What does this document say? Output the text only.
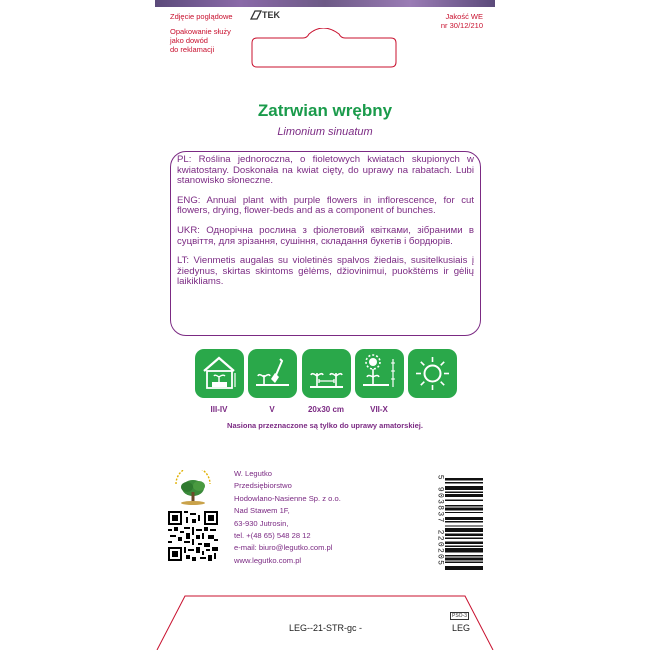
Zdjęcie poglądowe	TEK	Jakość WE
nr 30/12/210
Opakowanie służy
jako dowód
do reklamacji
Zatrwian wrębny
Limonium sinuatum

PL: Roślina jednoroczna, o fioletowych kwiatach skupionych w kwiatostany. Doskonała na kwiat cięty, do uprawy na rabatach. Lubi stanowisko słoneczne.

ENG: Annual plant with purple flowers in inflorescence, for cut flowers, drying, flower-beds and as a component of bunches.

UKR: Однорічна рослина з фіолетовий квітками, зібраними в суцвіття, для зрізання, сушіння, складання букетів і бордюрів.

LT: Vienmetis augalas su violetinės spalvos žiedais, susitelkusiais į žiedynus, skirtas skintoms gėlėms, džiovinimui, puokštėms ir gėlių laikikliams.

III-IV	V	20x30 cm	VII-X
Nasiona przeznaczone są tylko do uprawy amatorskiej.
W. Legutko
Przedsiębiorstwo
Hodowlano-Nasienne Sp. z o.o.
Nad Stawem 1F,
63-930 Jutrosin,
tel. +(48 65) 548 28 12
e-mail: biuro@legutko.com.pl
www.legutko.com.pl	5 903837 220205
LEG--21-STR-gc -
PSO-3
LEG
